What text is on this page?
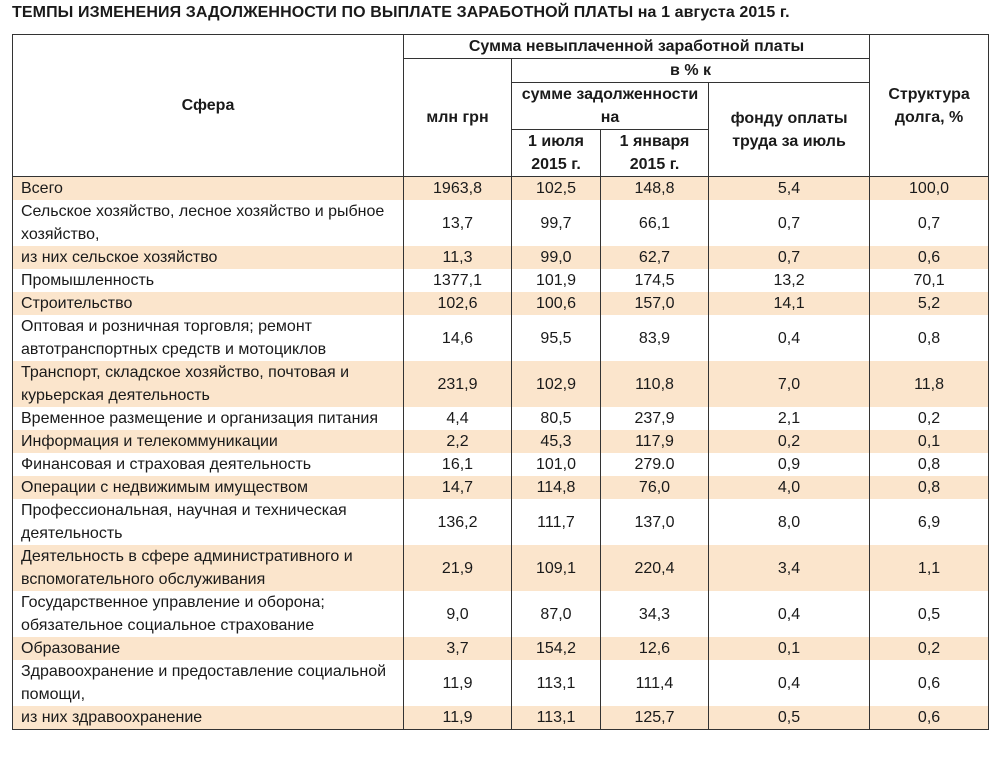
ТЕМПЫ ИЗМЕНЕНИЯ ЗАДОЛЖЕННОСТИ ПО ВЫПЛАТЕ ЗАРАБОТНОЙ ПЛАТЫ на 1 августа 2015 г.
Сфера	Сумма невыплаченной заработной платы				Структура долга, %
	млн грн	в % к			
		сумме задолженности на		фонду оплаты труда за июль	
		1 июля 2015 г.	1 января 2015 г.		
Всего	1963,8	102,5	148,8	5,4	100,0
Сельское хозяйство, лесное хозяйство и рыбное хозяйство,	13,7	99,7	66,1	0,7	0,7
из них сельское хозяйство	11,3	99,0	62,7	0,7	0,6
Промышленность	1377,1	101,9	174,5	13,2	70,1
Строительство	102,6	100,6	157,0	14,1	5,2
Оптовая и розничная торговля; ремонт автотранспортных средств и мотоциклов	14,6	95,5	83,9	0,4	0,8
Транспорт, складское хозяйство, почтовая и курьерская деятельность	231,9	102,9	110,8	7,0	11,8
Временное размещение и организация питания	4,4	80,5	237,9	2,1	0,2
Информация и телекоммуникации	2,2	45,3	117,9	0,2	0,1
Финансовая и страховая деятельность	16,1	101,0	279.0	0,9	0,8
Операции с недвижимым имуществом	14,7	114,8	76,0	4,0	0,8
Профессиональная, научная и техническая деятельность	136,2	111,7	137,0	8,0	6,9
Деятельность в сфере административного и вспомогательного обслуживания	21,9	109,1	220,4	3,4	1,1
Государственное управление и оборона; обязательное социальное страхование	9,0	87,0	34,3	0,4	0,5
Образование	3,7	154,2	12,6	0,1	0,2
Здравоохранение и предоставление социальной помощи,	11,9	113,1	111,4	0,4	0,6
из них здравоохранение	11,9	113,1	125,7	0,5	0,6
